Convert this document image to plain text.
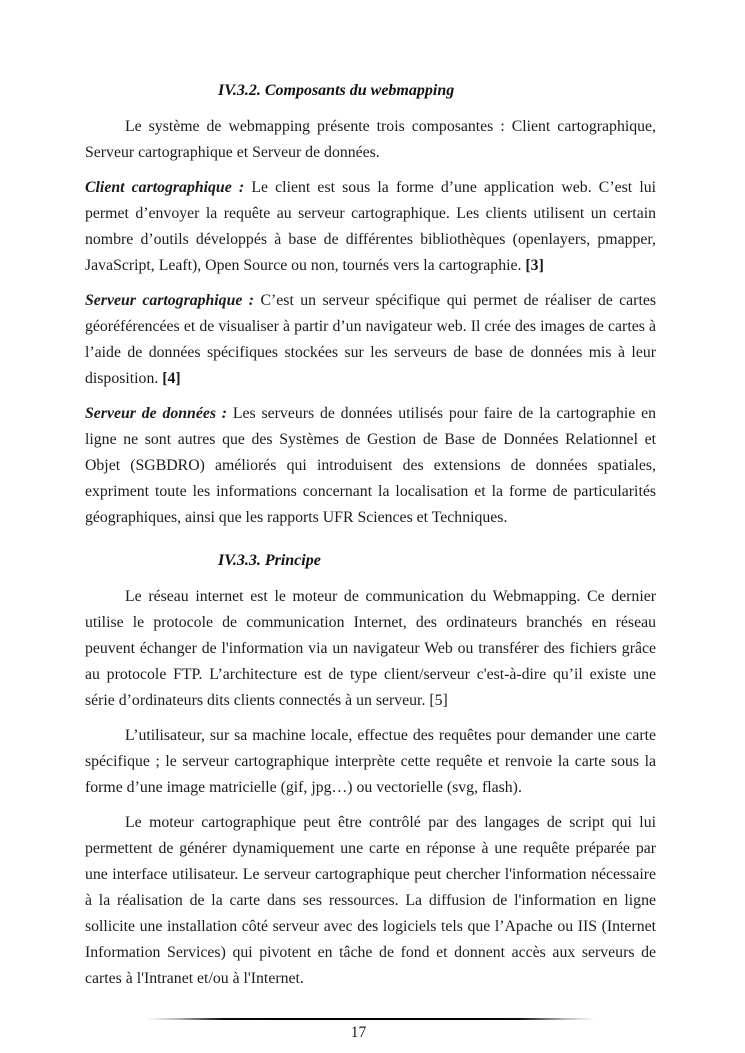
IV.3.2. Composants du webmapping

Le système de webmapping présente trois composantes : Client cartographique, Serveur cartographique et Serveur de données.

Client cartographique : Le client est sous la forme d’une application web. C’est lui permet d’envoyer la requête au serveur cartographique. Les clients utilisent un certain nombre d’outils développés à base de différentes bibliothèques (openlayers, pmapper, JavaScript, Leaft), Open Source ou non, tournés vers la cartographie. [3]

Serveur cartographique : C’est un serveur spécifique qui permet de réaliser de cartes géoréférencées et de visualiser à partir d’un navigateur web. Il crée des images de cartes à l’aide de données spécifiques stockées sur les serveurs de base de données mis à leur disposition. [4]

Serveur de données : Les serveurs de données utilisés pour faire de la cartographie en ligne ne sont autres que des Systèmes de Gestion de Base de Données Relationnel et Objet (SGBDRO) améliorés qui introduisent des extensions de données spatiales, expriment toute les informations concernant la localisation et la forme de particularités géographiques, ainsi que les rapports UFR Sciences et Techniques.

IV.3.3. Principe

Le réseau internet est le moteur de communication du Webmapping. Ce dernier utilise le protocole de communication Internet, des ordinateurs branchés en réseau peuvent échanger de l'information via un navigateur Web ou transférer des fichiers grâce au protocole FTP. L’architecture est de type client/serveur c'est-à-dire qu’il existe une série d’ordinateurs dits clients connectés à un serveur. [5]

L’utilisateur, sur sa machine locale, effectue des requêtes pour demander une carte spécifique ; le serveur cartographique interprète cette requête et renvoie la carte sous la forme d’une image matricielle (gif, jpg…) ou vectorielle (svg, flash).

Le moteur cartographique peut être contrôlé par des langages de script qui lui permettent de générer dynamiquement une carte en réponse à une requête préparée par une interface utilisateur. Le serveur cartographique peut chercher l'information nécessaire à la réalisation de la carte dans ses ressources. La diffusion de l'information en ligne sollicite une installation côté serveur avec des logiciels tels que l’Apache ou IIS (Internet Information Services) qui pivotent en tâche de fond et donnent accès aux serveurs de cartes à l'Intranet et/ou à l'Internet.

17
